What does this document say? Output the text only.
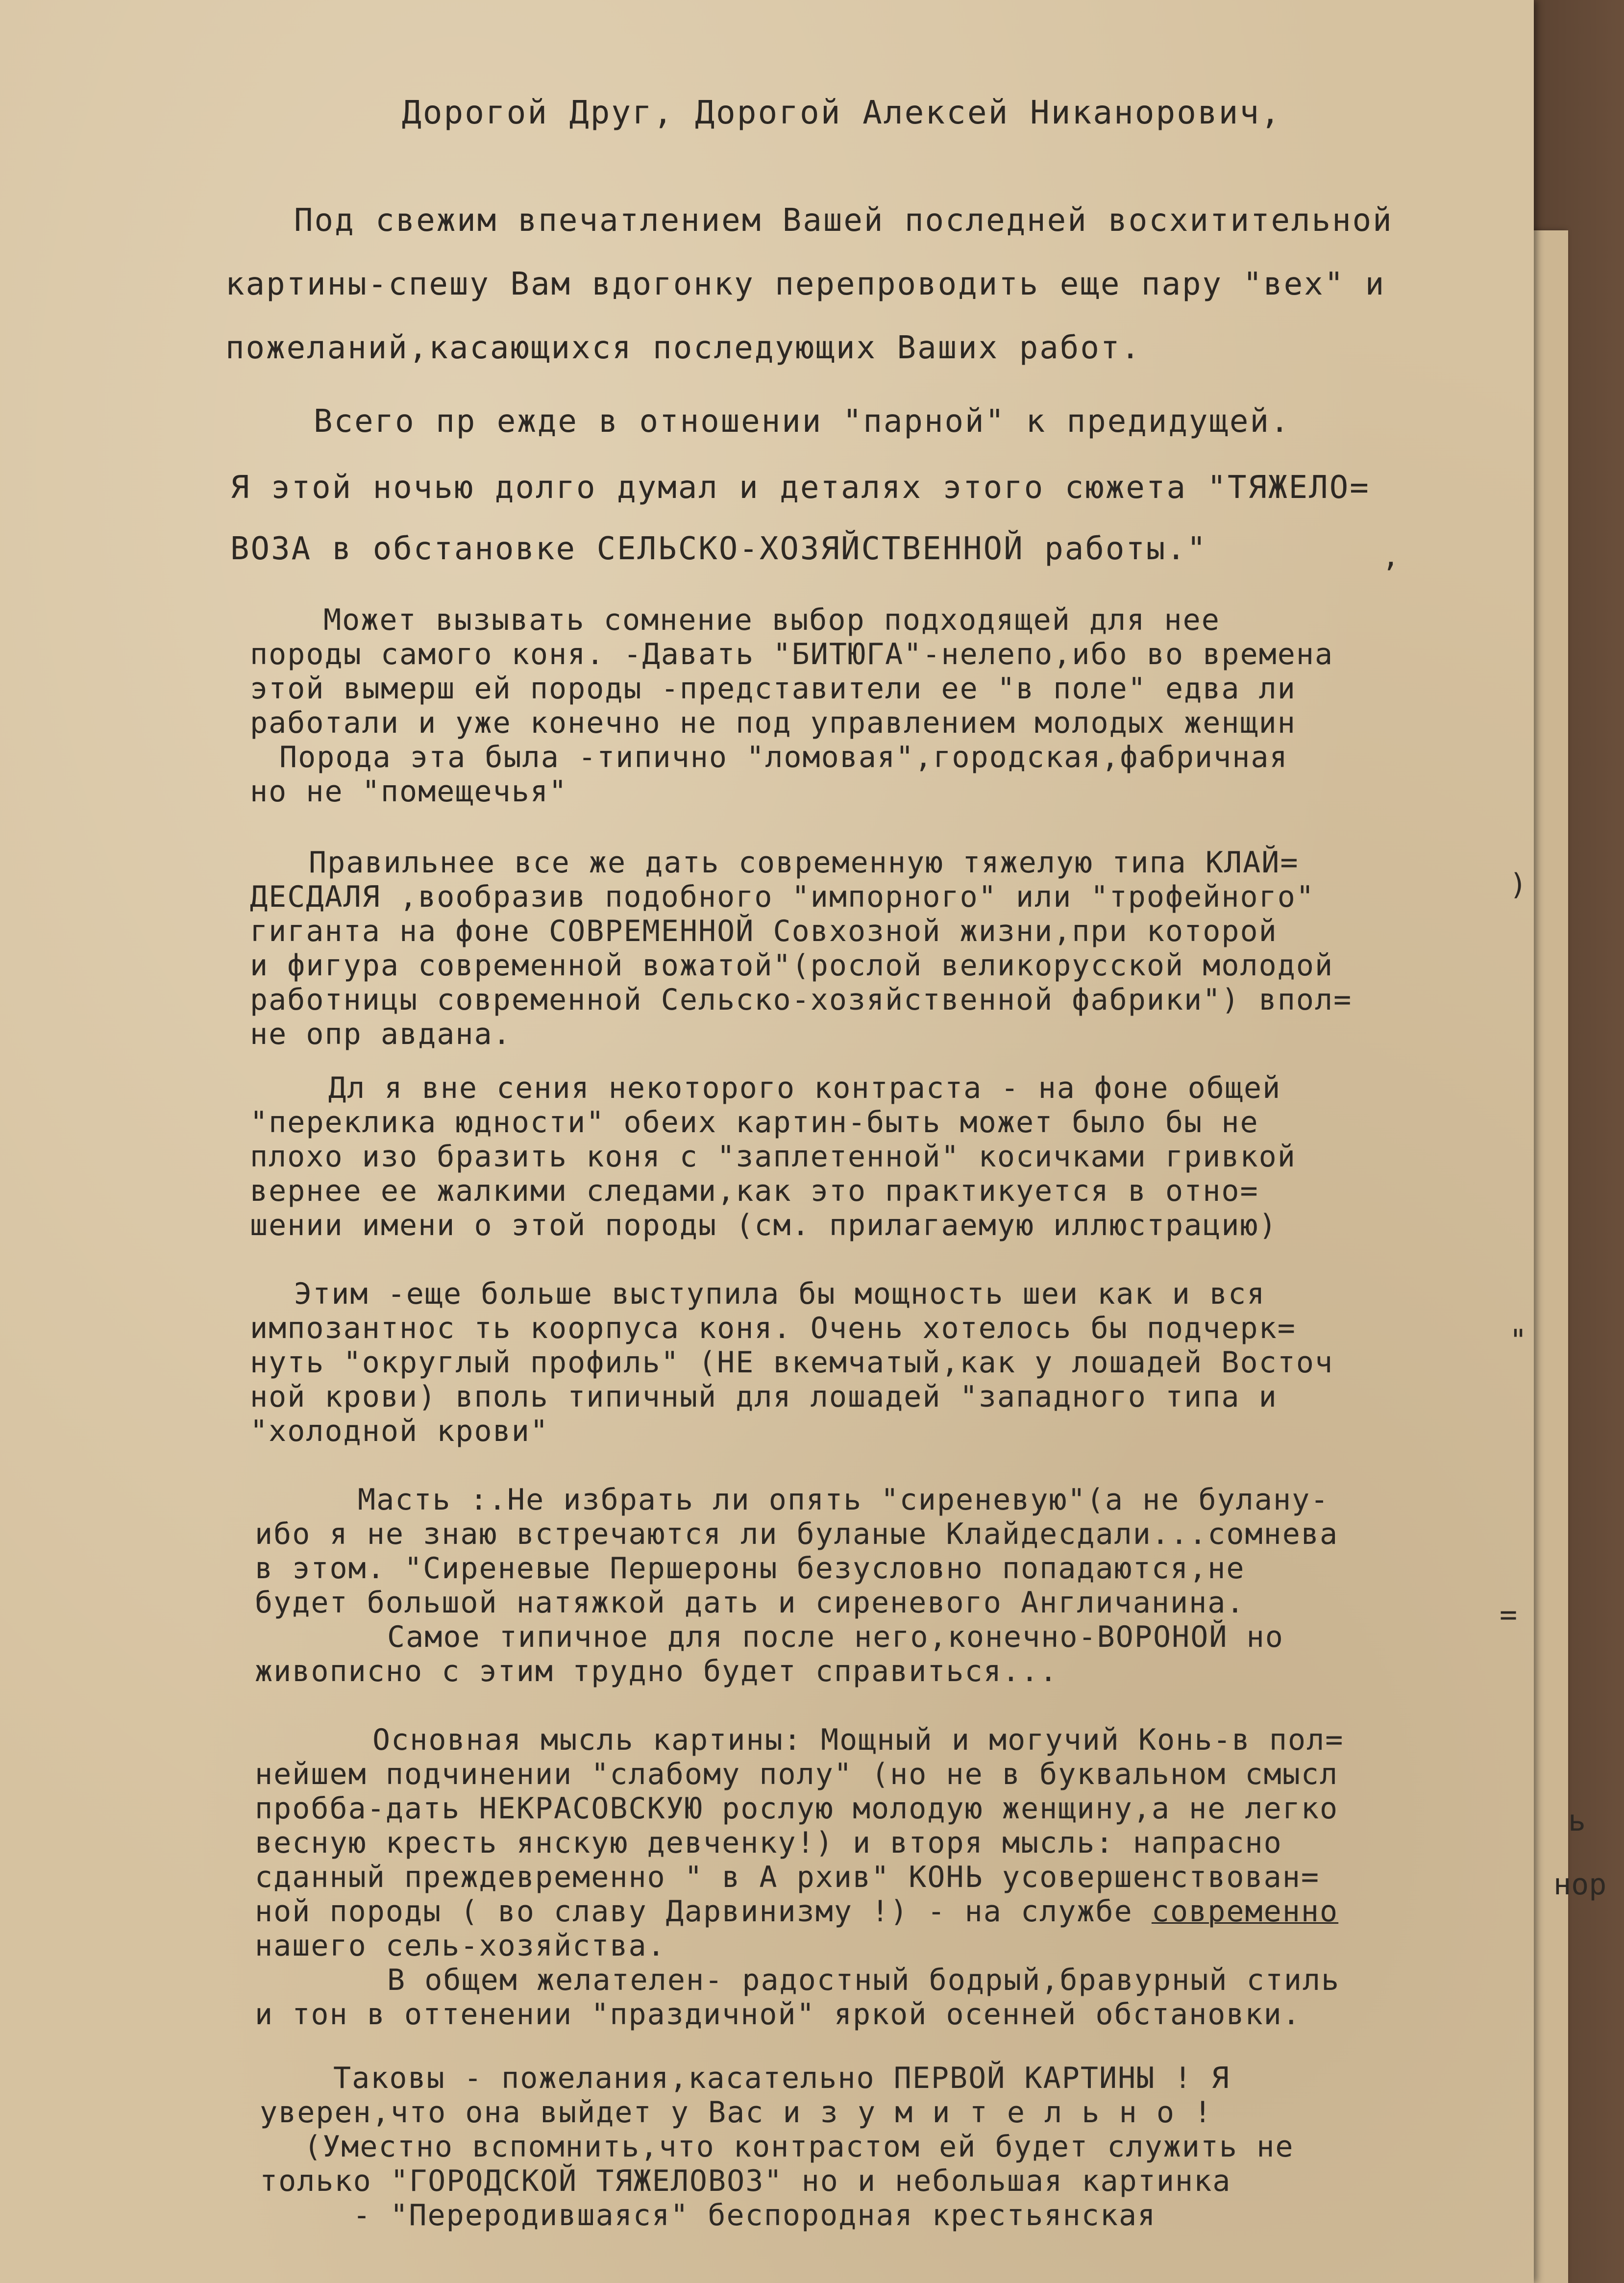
Дорогой Друг, Дорогой Алексей Никанорович,

Под свежим впечатлением Вашей последней восхитительной

картины-спешу Вам вдогонку перепроводить еще пару "вех" и

пожеланий,касающихся последующих Ваших работ.

Всего пр ежде в отношении "парной" к предидущей.

Я этой ночью долго думал и деталях этого сюжета "ТЯЖЕЛО=

ВОЗА в обстановке СЕЛЬСКО-ХОЗЯЙСТВЕННОЙ работы."

Может вызывать сомнение выбор подходящей для нее

породы самого коня. -Давать "БИТЮГА"-нелепо,ибо во времена

этой вымерш ей породы -представители ее "в поле" едва ли

работали и уже конечно не под управлением молодых женщин

Порода эта была -типично "ломовая",городская,фабричная

но не "помещечья"

Правильнее все же дать современную тяжелую типа КЛАЙ=

ДЕСДАЛЯ ,вообразив подобного "импорного" или "трофейного"

гиганта на фоне СОВРЕМЕННОЙ Совхозной жизни,при которой

и фигура современной вожатой"(рослой великорусской молодой

работницы современной Сельско-хозяйственной фабрики") впол=

не опр авдана.

Дл я вне сения некоторого контраста - на фоне общей

"переклика юдности" обеих картин-быть может было бы не

плохо изо бразить коня с "заплетенной" косичками гривкой

вернее ее жалкими следами,как это практикуется в отно=

шении имени о этой породы (см. прилагаемую иллюстрацию)

Этим -еще больше выступила бы мощность шеи как и вся

импозантнос ть коорпуса коня. Очень хотелось бы подчерк=

нуть "округлый профиль" (НЕ вкемчатый,как у лошадей Восточ

ной крови) вполь типичный для лошадей "западного типа и

"холодной крови"

Масть :.Не избрать ли опять "сиреневую"(а не булану-

ибо я не знаю встречаются ли буланые Клайдесдали...сомнева

в этом. "Сиреневые Першероны безусловно попадаются,не

будет большой натяжкой дать и сиреневого Англичанина.

Самое типичное для после него,конечно-ВОРОНОЙ но

живописно с этим трудно будет справиться...

Основная мысль картины: Мощный и могучий Конь-в пол=

нейшем подчинении "слабому полу" (но не в буквальном смысл

пробба-дать НЕКРАСОВСКУЮ рослую молодую женщину,а не легко

весную кресть янскую девченку!) и вторя мысль: напрасно

сданный преждевременно " в А рхив" КОНЬ усовершенствован=

ной породы ( во славу Дарвинизму !) - на службе современно

нашего сель-хозяйства.

В общем желателен- радостный бодрый,бравурный стиль

и тон в оттенении "праздичной" яркой осенней обстановки.

Таковы - пожелания,касательно ПЕРВОЙ КАРТИНЫ ! Я

уверен,что она выйдет у Вас и з у м и т е л ь н о !

(Уместно вспомнить,что контрастом ей будет служить не

только "ГОРОДСКОЙ ТЯЖЕЛОВОЗ" но и небольшая картинка

- "Переродившаяся" беспородная крестьянская

,
)
"
=
ь
нор
